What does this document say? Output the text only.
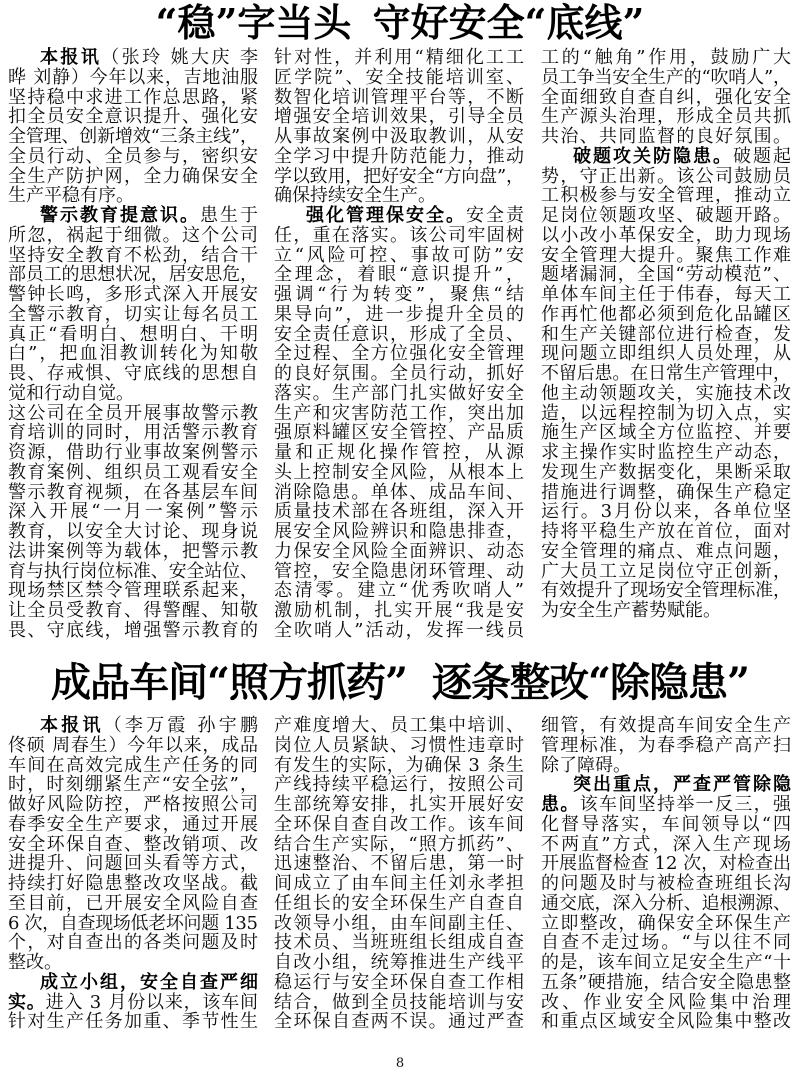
“稳”字当头 守好安全“底线”
本报讯（张玲 姚大庆 李
晔 刘静）今年以来，吉地油服
坚持稳中求进工作总思路，紧
扣全员安全意识提升、强化安
全管理、创新增效“三条主线”，
全员行动、全员参与，密织安
全生产防护网，全力确保安全
生产平稳有序。
警示教育提意识。患生于
所忽，祸起于细微。这个公司
坚持安全教育不松劲，结合干
部员工的思想状况，居安思危，
警钟长鸣，多形式深入开展安
全警示教育，切实让每名员工
真正“看明白、想明白、干明
白”，把血泪教训转化为知敬
畏、存戒惧、守底线的思想自
觉和行动自觉。
这公司在全员开展事故警示教
育培训的同时，用活警示教育
资源，借助行业事故案例警示
教育案例、组织员工观看安全
警示教育视频，在各基层车间
深入开展“一月一案例”警示
教育，以安全大讨论、现身说
法讲案例等为载体，把警示教
育与执行岗位标准、安全站位、
现场禁区禁令管理联系起来，
让全员受教育、得警醒、知敬
畏、守底线，增强警示教育的
针对性，并利用“精细化工工
匠学院”、安全技能培训室、
数智化培训管理平台等，不断
增强安全培训效果，引导全员
从事故案例中汲取教训，从安
全学习中提升防范能力，推动
学以致用，把好安全“方向盘”，
确保持续安全生产。
强化管理保安全。安全责
任，重在落实。该公司牢固树
立“风险可控、事故可防”安
全理念，着眼“意识提升”，
强调“行为转变”，聚焦“结
果导向”，进一步提升全员的
安全责任意识，形成了全员、
全过程、全方位强化安全管理
的良好氛围。全员行动，抓好
落实。生产部门扎实做好安全
生产和灾害防范工作，突出加
强原料罐区安全管控、产品质
量和正规化操作管控，从源
头上控制安全风险，从根本上
消除隐患。单体、成品车间、
质量技术部在各班组，深入开
展安全风险辨识和隐患排查，
力保安全风险全面辨识、动态
管控，安全隐患闭环管理、动
态清零。建立“优秀吹哨人”
激励机制，扎实开展“我是安
全吹哨人”活动，发挥一线员
工的“触角”作用，鼓励广大
员工争当安全生产的“吹哨人”，
全面细致自查自纠，强化安全
生产源头治理，形成全员共抓
共治、共同监督的良好氛围。
破题攻关防隐患。破题起
势，守正出新。该公司鼓励员
工积极参与安全管理，推动立
足岗位领题攻坚、破题开路。
以小改小革保安全，助力现场
安全管理大提升。聚焦工作难
题堵漏洞，全国“劳动模范”、
单体车间主任于伟春，每天工
作再忙他都必须到危化品罐区
和生产关键部位进行检查，发
现问题立即组织人员处理，从
不留后患。在日常生产管理中，
他主动领题攻关，实施技术改
造，以远程控制为切入点，实
施生产区域全方位监控、并要
求主操作实时监控生产动态，
发现生产数据变化，果断采取
措施进行调整，确保生产稳定
运行。3月份以来，各单位坚
持将平稳生产放在首位，面对
安全管理的痛点、难点问题，
广大员工立足岗位守正创新，
有效提升了现场安全管理标准，
为安全生产蓄势赋能。
成品车间“照方抓药” 逐条整改“除隐患”
本报讯（李万霞 孙宇鹏
佟硕 周春生）今年以来，成品
车间在高效完成生产任务的同
时，时刻绷紧生产“安全弦”，
做好风险防控，严格按照公司
春季安全生产要求，通过开展
安全环保自查、整改销项、改
进提升、问题回头看等方式，
持续打好隐患整改攻坚战。截
至目前，已开展安全风险自查
6 次，自查现场低老坏问题 135
个，对自查出的各类问题及时
整改。
成立小组，安全自查严细
实。进入 3 月份以来，该车间
针对生产任务加重、季节性生
产难度增大、员工集中培训、
岗位人员紧缺、习惯性违章时
有发生的实际，为确保 3 条生
产线持续平稳运行，按照公司
生部统筹安排，扎实开展好安
全环保自查自改工作。该车间
结合生产实际，“照方抓药”、
迅速整治、不留后患，第一时
间成立了由车间主任刘永孝担
任组长的安全环保生产自查自
改领导小组，由车间副主任、
技术员、当班班组长组成自查
自改小组，统筹推进生产线平
稳运行与安全环保自查工作相
结合，做到全员技能培训与安
全环保自查两不误。通过严查
细管，有效提高车间安全生产
管理标准，为春季稳产高产扫
除了障碍。
突出重点，严查严管除隐
患。该车间坚持举一反三，强
化督导落实，车间领导以“四
不两直”方式，深入生产现场
开展监督检查 12 次，对检查出
的问题及时与被检查班组长沟
通交底，深入分析、追根溯源、
立即整改，确保安全环保生产
自查不走过场。“与以往不同
的是，该车间立足安全生产“十
五条”硬措施，结合安全隐患整
改、作业安全风险集中治理
和重点区域安全风险集中整改
8
